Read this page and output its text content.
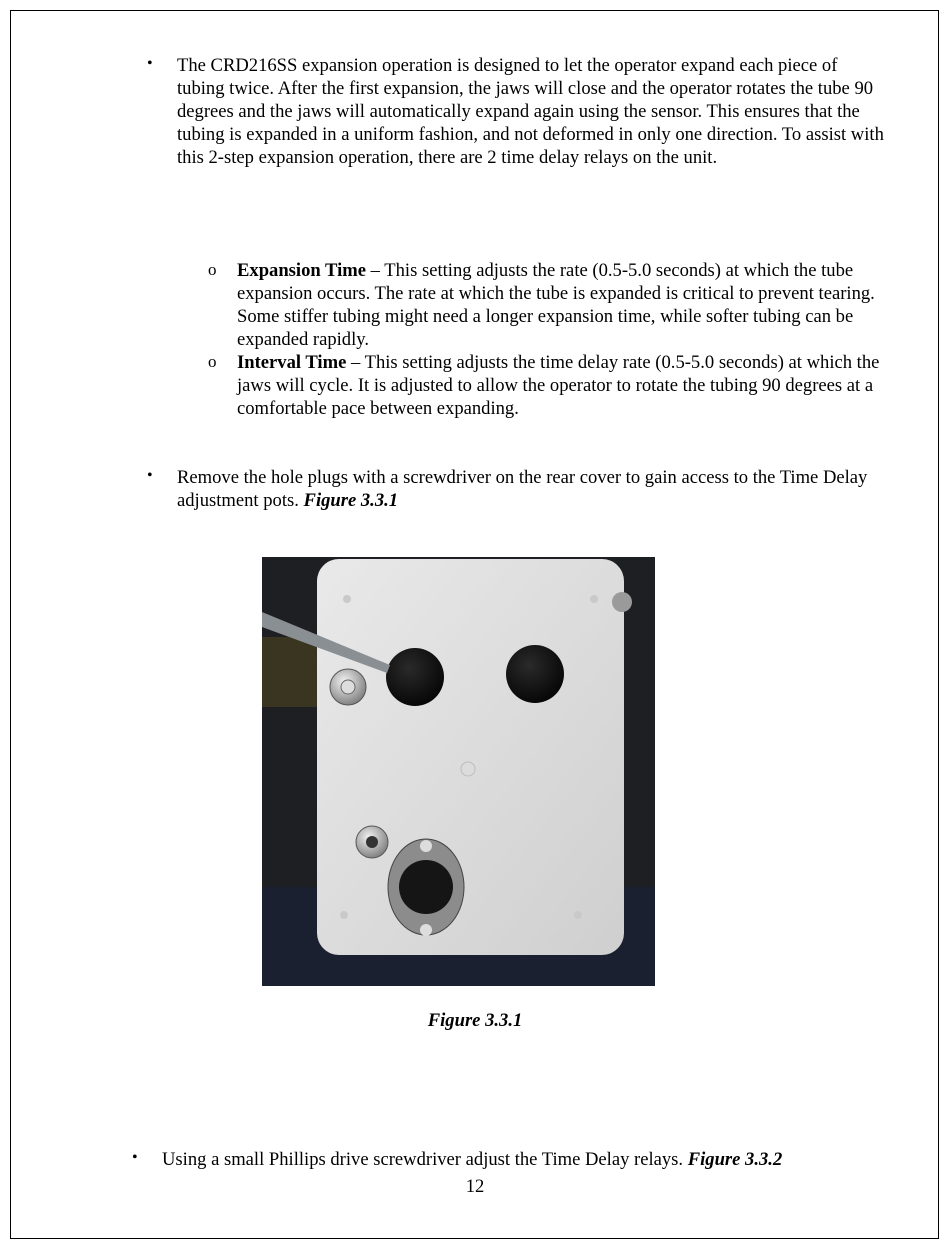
• The CRD216SS expansion operation is designed to let the operator expand each piece of tubing twice. After the first expansion, the jaws will close and the operator rotates the tube 90 degrees and the jaws will automatically expand again using the sensor. This ensures that the tubing is expanded in a uniform fashion, and not deformed in only one direction. To assist with this 2-step expansion operation, there are 2 time delay relays on the unit.
o Expansion Time – This setting adjusts the rate (0.5-5.0 seconds) at which the tube expansion occurs. The rate at which the tube is expanded is critical to prevent tearing. Some stiffer tubing might need a longer expansion time, while softer tubing can be expanded rapidly.
o Interval Time – This setting adjusts the time delay rate (0.5-5.0 seconds) at which the jaws will cycle. It is adjusted to allow the operator to rotate the tubing 90 degrees at a comfortable pace between expanding.
• Remove the hole plugs with a screwdriver on the rear cover to gain access to the Time Delay adjustment pots. Figure 3.3.1
Figure 3.3.1
• Using a small Phillips drive screwdriver adjust the Time Delay relays. Figure 3.3.2
12
